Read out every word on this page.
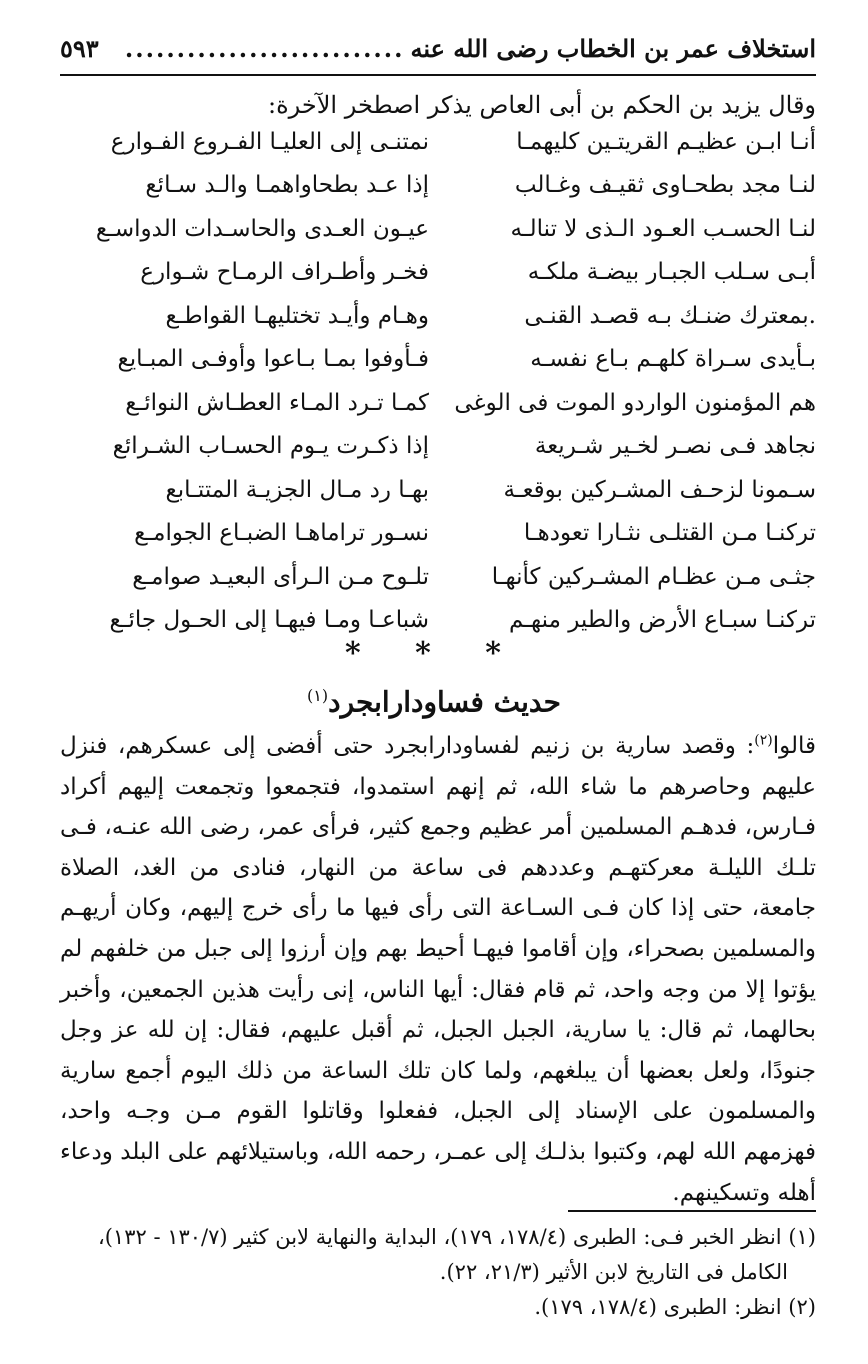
استخلاف عمر بن الخطاب رضى الله عنه
...........................
٥٩٣
وقال يزيد بن الحكم بن أبى العاص يذكر اصطخر الآخرة:
أنـا ابـن عظيـم القريتـين كليهمـا
نمتنـى إلى العليـا الفـروع الفـوارع
لنـا مجد بطحـاوى ثقيـف وغـالب
إذا عـد بطحاواهمـا والـد سـائع
لنـا الحسـب العـود الـذى لا تنالـه
عيـون العـدى والحاسـدات الدواسـع
أبـى سـلب الجبـار بيضـة ملكـه
فخـر وأطـراف الرمـاح شـوارع
.بمعترك ضنـك بـه قصـد القنـى
وهـام وأيـد تختليهـا القواطـع
بـأيدى سـراة كلهـم بـاع نفسـه
فـأوفوا بمـا بـاعوا وأوفـى المبـايع
هم المؤمنون الواردو الموت فى الوغى
كمـا تـرد المـاء العطـاش النوائـع
نجاهد فـى نصـر لخـير شـريعة
إذا ذكـرت يـوم الحسـاب الشـرائع
سـمونا لزحـف المشـركين بوقعـة
بهـا رد مـال الجزيـة المتتـابع
تركنـا مـن القتلـى نثـارا تعودهـا
نسـور تراماهـا الضبـاع الجوامـع
جثـى مـن عظـام المشـركين كأنهـا
تلـوح مـن الـرأى البعيـد صوامـع
تركنـا سبـاع الأرض والطير منهـم
شباعـا ومـا فيهـا إلى الحـول جائـع
* * *
حديث فساودارابجرد$^{(١)}$
قالوا$^{(٢)}$: وقصد سارية بن زنيم لفساودارابجرد حتى أفضى إلى عسكرهم، فنزل عليهم وحاصرهم ما شاء الله، ثم إنهم استمدوا، فتجمعوا وتجمعت إليهم أكراد فـارس، فدهـم المسلمين أمر عظيم وجمع كثير، فرأى عمر، رضى الله عنـه، فـى تلـك الليلـة معركتهـم وعددهم فى ساعة من النهار، فنادى من الغد، الصلاة جامعة، حتى إذا كان فـى السـاعة التى رأى فيها ما رأى خرج إليهم، وكان أريهـم والمسلمين بصحراء، وإن أقاموا فيهـا أحيط بهم وإن أرزوا إلى جبل من خلفهم لم يؤتوا إلا من وجه واحد، ثم قام فقال: أيها الناس، إنى رأيت هذين الجمعين، وأخبر بحالهما، ثم قال: يا سارية، الجبل الجبل، ثم أقبل عليهم، فقال: إن لله عز وجل جنودًا، ولعل بعضها أن يبلغهم، ولما كان تلك الساعة من ذلك اليوم أجمع سارية والمسلمون على الإسناد إلى الجبل، ففعلوا وقاتلوا القوم مـن وجـه واحد، فهزمهم الله لهم، وكتبوا بذلـك إلى عمـر، رحمه الله، وباستيلائهم على البلد ودعاء أهله وتسكينهم.

(١) انظر الخبر فـى: الطبرى (١٧٨/٤، ١٧٩)، البداية والنهاية لابن كثير (١٣٠/٧ - ١٣٢)،

الكامل فى التاريخ لابن الأثير (٢١/٣، ٢٢).

(٢) انظر: الطبرى (١٧٨/٤، ١٧٩).
